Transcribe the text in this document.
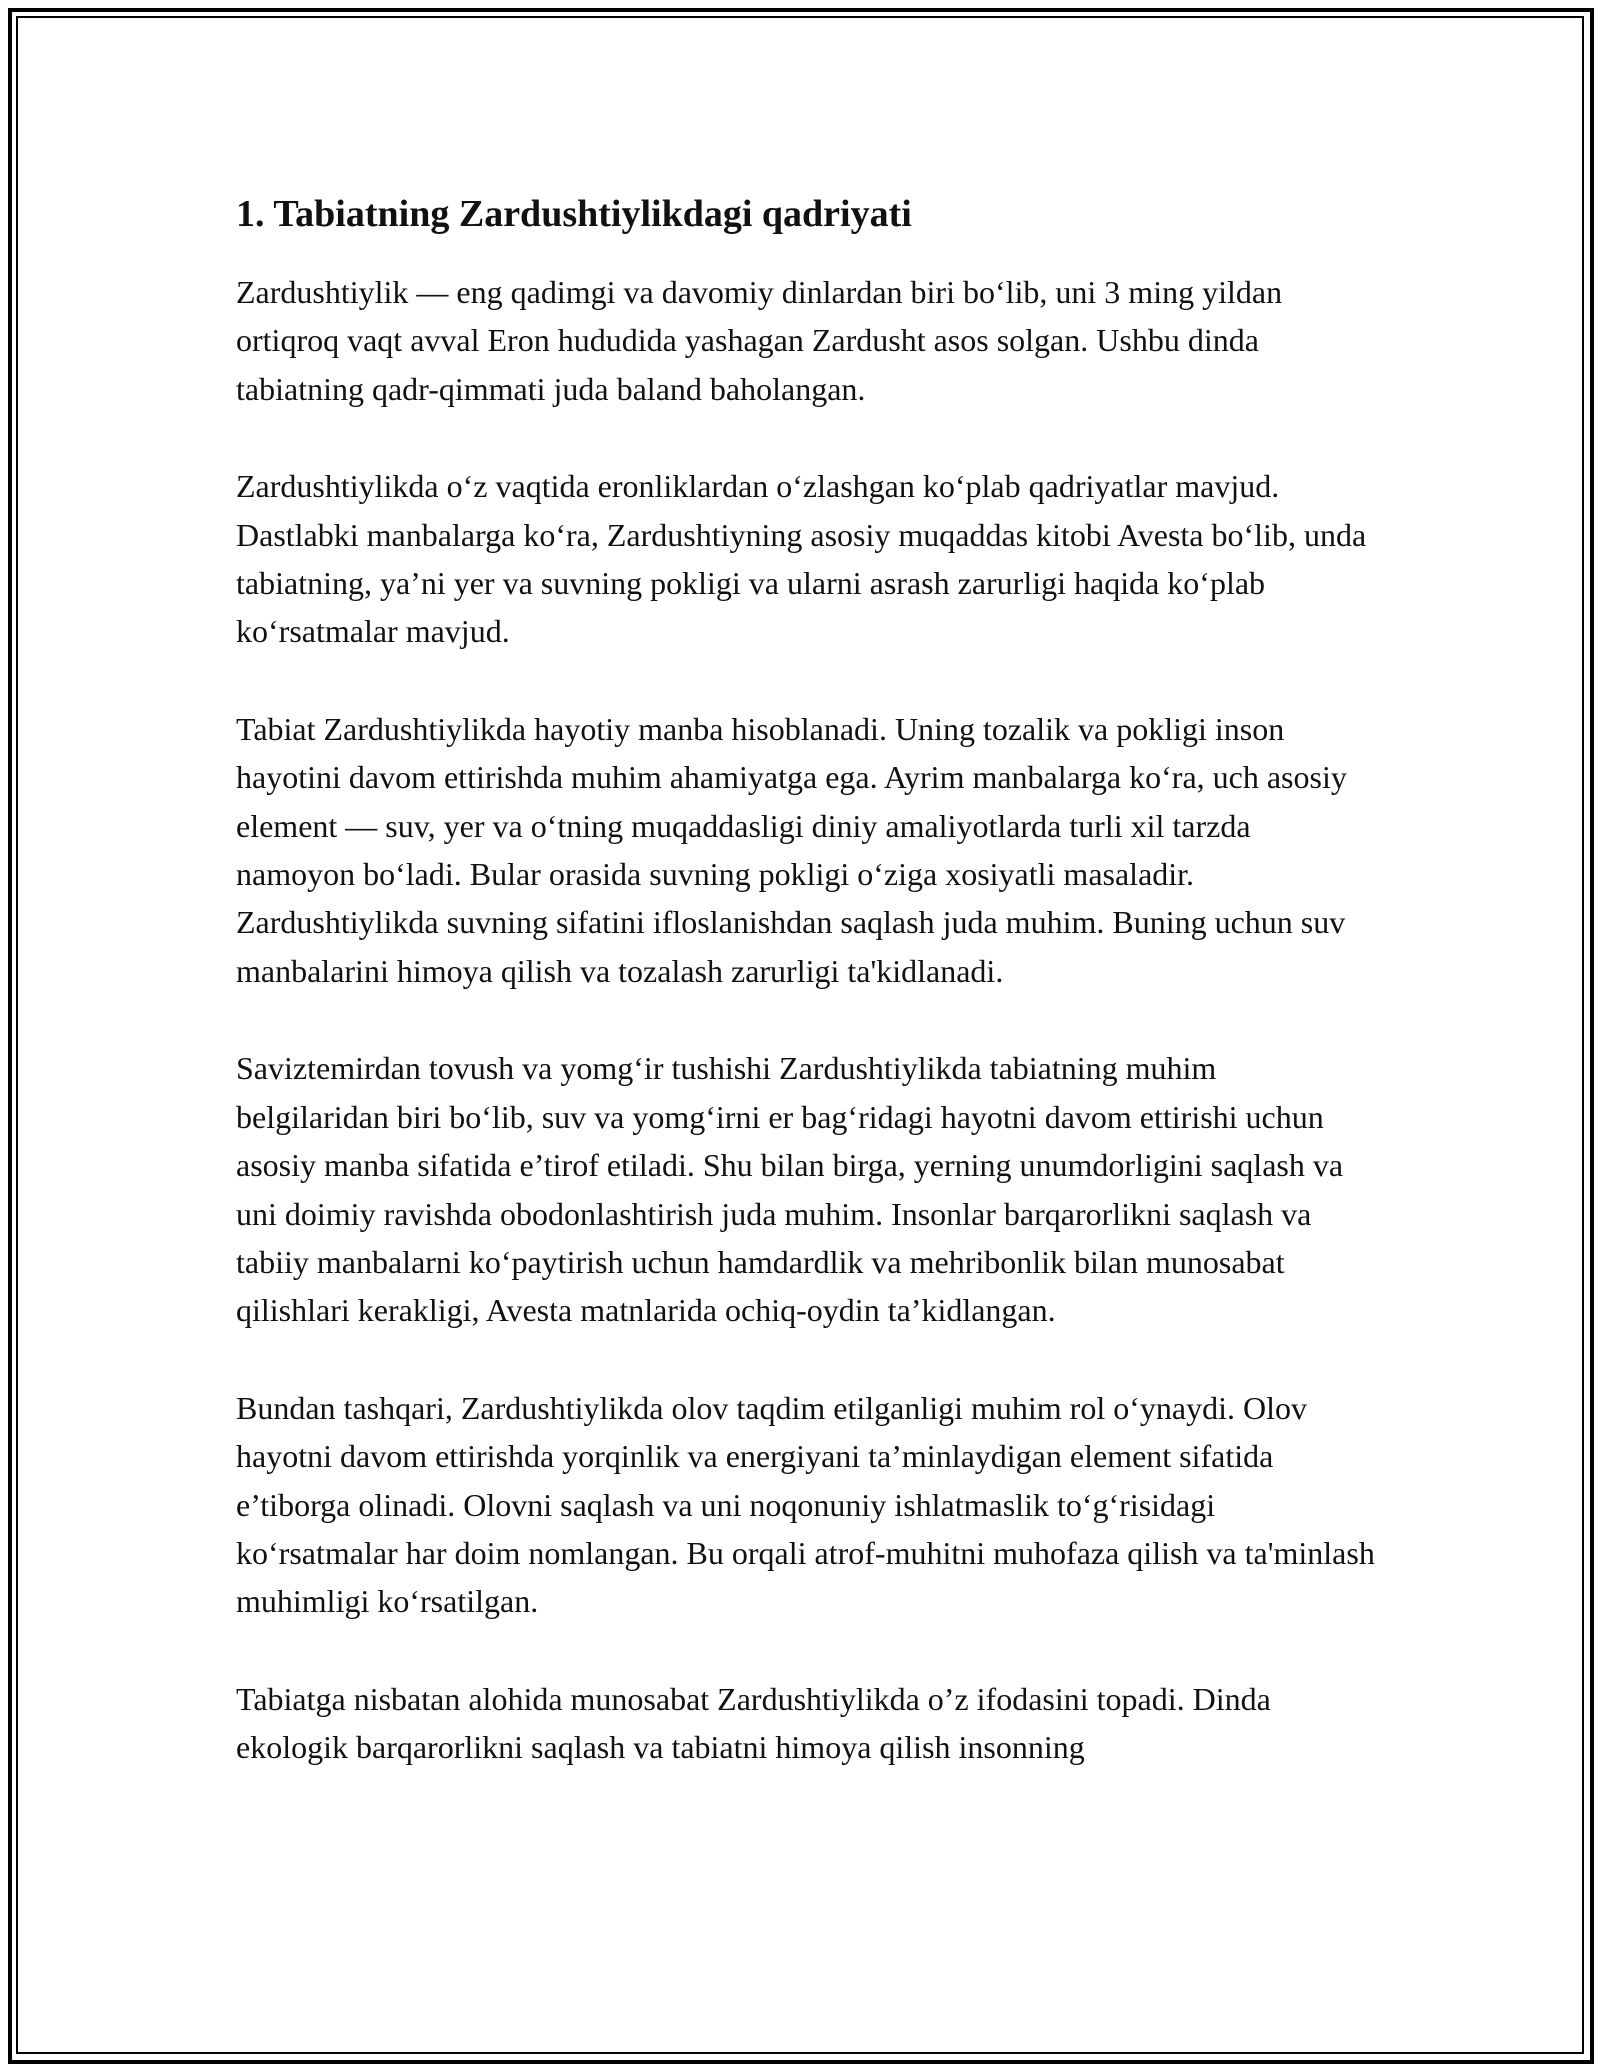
1. Tabiatning Zardushtiylikdagi qadriyati

Zardushtiylik — eng qadimgi va davomiy dinlardan biri bo‘lib, uni 3 ming yildan ortiqroq vaqt avval Eron hududida yashagan Zardusht asos solgan. Ushbu dinda tabiatning qadr-qimmati juda baland baholangan.

Zardushtiylikda o‘z vaqtida eronliklardan o‘zlashgan ko‘plab qadriyatlar mavjud. Dastlabki manbalarga ko‘ra, Zardushtiyning asosiy muqaddas kitobi Avesta bo‘lib, unda tabiatning, ya’ni yer va suvning pokligi va ularni asrash zarurligi haqida ko‘plab ko‘rsatmalar mavjud.

Tabiat Zardushtiylikda hayotiy manba hisoblanadi. Uning tozalik va pokligi inson hayotini davom ettirishda muhim ahamiyatga ega. Ayrim manbalarga ko‘ra, uch asosiy element — suv, yer va o‘tning muqaddasligi diniy amaliyotlarda turli xil tarzda namoyon bo‘ladi. Bular orasida suvning pokligi o‘ziga xosiyatli masaladir. Zardushtiylikda suvning sifatini ifloslanishdan saqlash juda muhim. Buning uchun suv manbalarini himoya qilish va tozalash zarurligi ta'kidlanadi.

Saviztemirdan tovush va yomg‘ir tushishi Zardushtiylikda tabiatning muhim belgilaridan biri bo‘lib, suv va yomg‘irni er bag‘ridagi hayotni davom ettirishi uchun asosiy manba sifatida e’tirof etiladi. Shu bilan birga, yerning unumdorligini saqlash va uni doimiy ravishda obodonlashtirish juda muhim. Insonlar barqarorlikni saqlash va tabiiy manbalarni ko‘paytirish uchun hamdardlik va mehribonlik bilan munosabat qilishlari kerakligi, Avesta matnlarida ochiq-oydin ta’kidlangan.

Bundan tashqari, Zardushtiylikda olov taqdim etilganligi muhim rol o‘ynaydi. Olov hayotni davom ettirishda yorqinlik va energiyani ta’minlaydigan element sifatida e’tiborga olinadi. Olovni saqlash va uni noqonuniy ishlatmaslik to‘g‘risidagi ko‘rsatmalar har doim nomlangan. Bu orqali atrof-muhitni muhofaza qilish va ta'minlash muhimligi ko‘rsatilgan.

Tabiatga nisbatan alohida munosabat Zardushtiylikda o’z ifodasini topadi. Dinda ekologik barqarorlikni saqlash va tabiatni himoya qilish insonning
